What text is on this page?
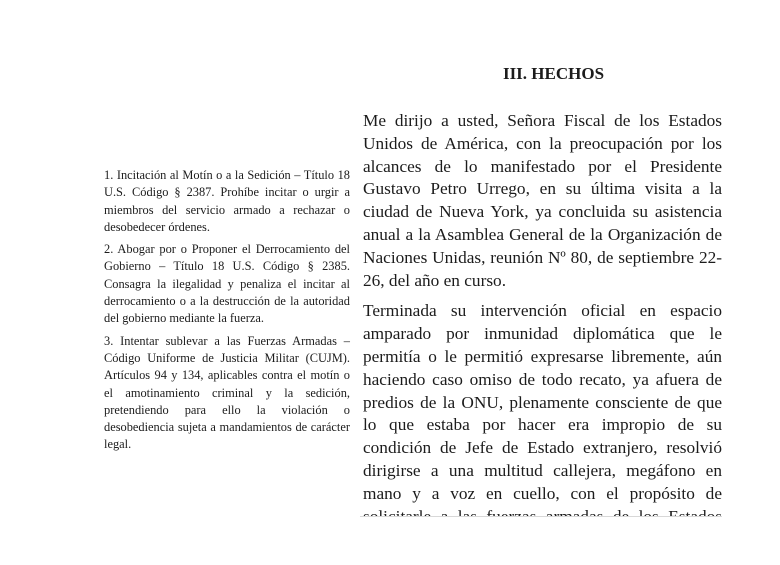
1. Incitación al Motín o a la Sedición – Título 18 U.S. Código § 2387. Prohíbe incitar o urgir a miembros del servicio armado a rechazar o desobedecer órdenes.

2. Abogar por o Proponer el Derrocamiento del Gobierno – Título 18 U.S. Código § 2385. Consagra la ilegalidad y penaliza el incitar al derrocamiento o a la destrucción de la autoridad del gobierno mediante la fuerza.

3. Intentar sublevar a las Fuerzas Armadas – Código Uniforme de Justicia Militar (CUJM). Artículos 94 y 134, aplicables contra el motín o el amotinamiento criminal y la sedición, pretendiendo para ello la violación o desobediencia sujeta a mandamientos de carácter legal.

III. HECHOS

Me dirijo a usted, Señora Fiscal de los Estados Unidos de América, con la preocupación por los alcances de lo manifestado por el Presidente Gustavo Petro Urrego, en su última visita a la ciudad de Nueva York, ya concluida su asistencia anual a la Asamblea General de la Organización de Naciones Unidas, reunión Nº 80, de septiembre 22-26, del año en curso.

Terminada su intervención oficial en espacio amparado por inmunidad diplomática que le permitía o le permitió expresarse libremente, aún haciendo caso omiso de todo recato, ya afuera de predios de la ONU, plenamente consciente de que lo que estaba por hacer era impropio de su condición de Jefe de Estado extranjero, resolvió dirigirse a una multitud callejera, megáfono en mano y a voz en cuello, con el propósito de
